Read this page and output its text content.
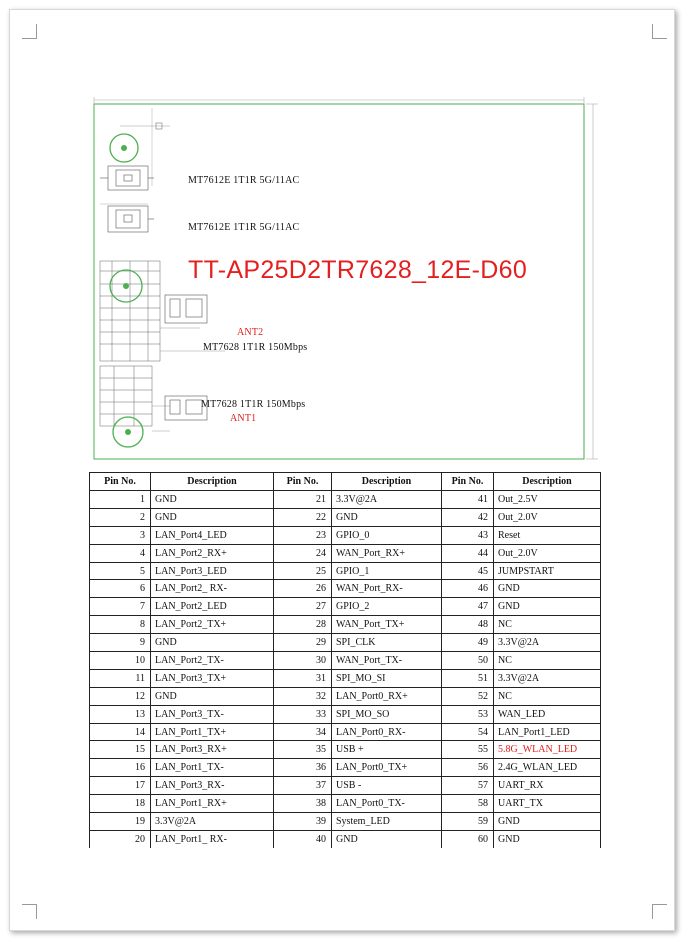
MT7612E 1T1R 5G/11AC
MT7612E 1T1R 5G/11AC
TT-AP25D2TR7628_12E-D60
ANT2
MT7628 1T1R 150Mbps
MT7628 1T1R 150Mbps
ANT1
Pin No.	Description	Pin No.	Description	Pin No.	Description
1	GND	21	3.3V@2A	41	Out_2.5V
2	GND	22	GND	42	Out_2.0V
3	LAN_Port4_LED	23	GPIO_0	43	Reset
4	LAN_Port2_RX+	24	WAN_Port_RX+	44	Out_2.0V
5	LAN_Port3_LED	25	GPIO_1	45	JUMPSTART
6	LAN_Port2_ RX-	26	WAN_Port_RX-	46	GND
7	LAN_Port2_LED	27	GPIO_2	47	GND
8	LAN_Port2_TX+	28	WAN_Port_TX+	48	NC
9	GND	29	SPI_CLK	49	3.3V@2A
10	LAN_Port2_TX-	30	WAN_Port_TX-	50	NC
11	LAN_Port3_TX+	31	SPI_MO_SI	51	3.3V@2A
12	GND	32	LAN_Port0_RX+	52	NC
13	LAN_Port3_TX-	33	SPI_MO_SO	53	WAN_LED
14	LAN_Port1_TX+	34	LAN_Port0_RX-	54	LAN_Port1_LED
15	LAN_Port3_RX+	35	USB +	55	5.8G_WLAN_LED
16	LAN_Port1_TX-	36	LAN_Port0_TX+	56	2.4G_WLAN_LED
17	LAN_Port3_RX-	37	USB -	57	UART_RX
18	LAN_Port1_RX+	38	LAN_Port0_TX-	58	UART_TX
19	3.3V@2A	39	System_LED	59	GND
20	LAN_Port1_ RX-	40	GND	60	GND
